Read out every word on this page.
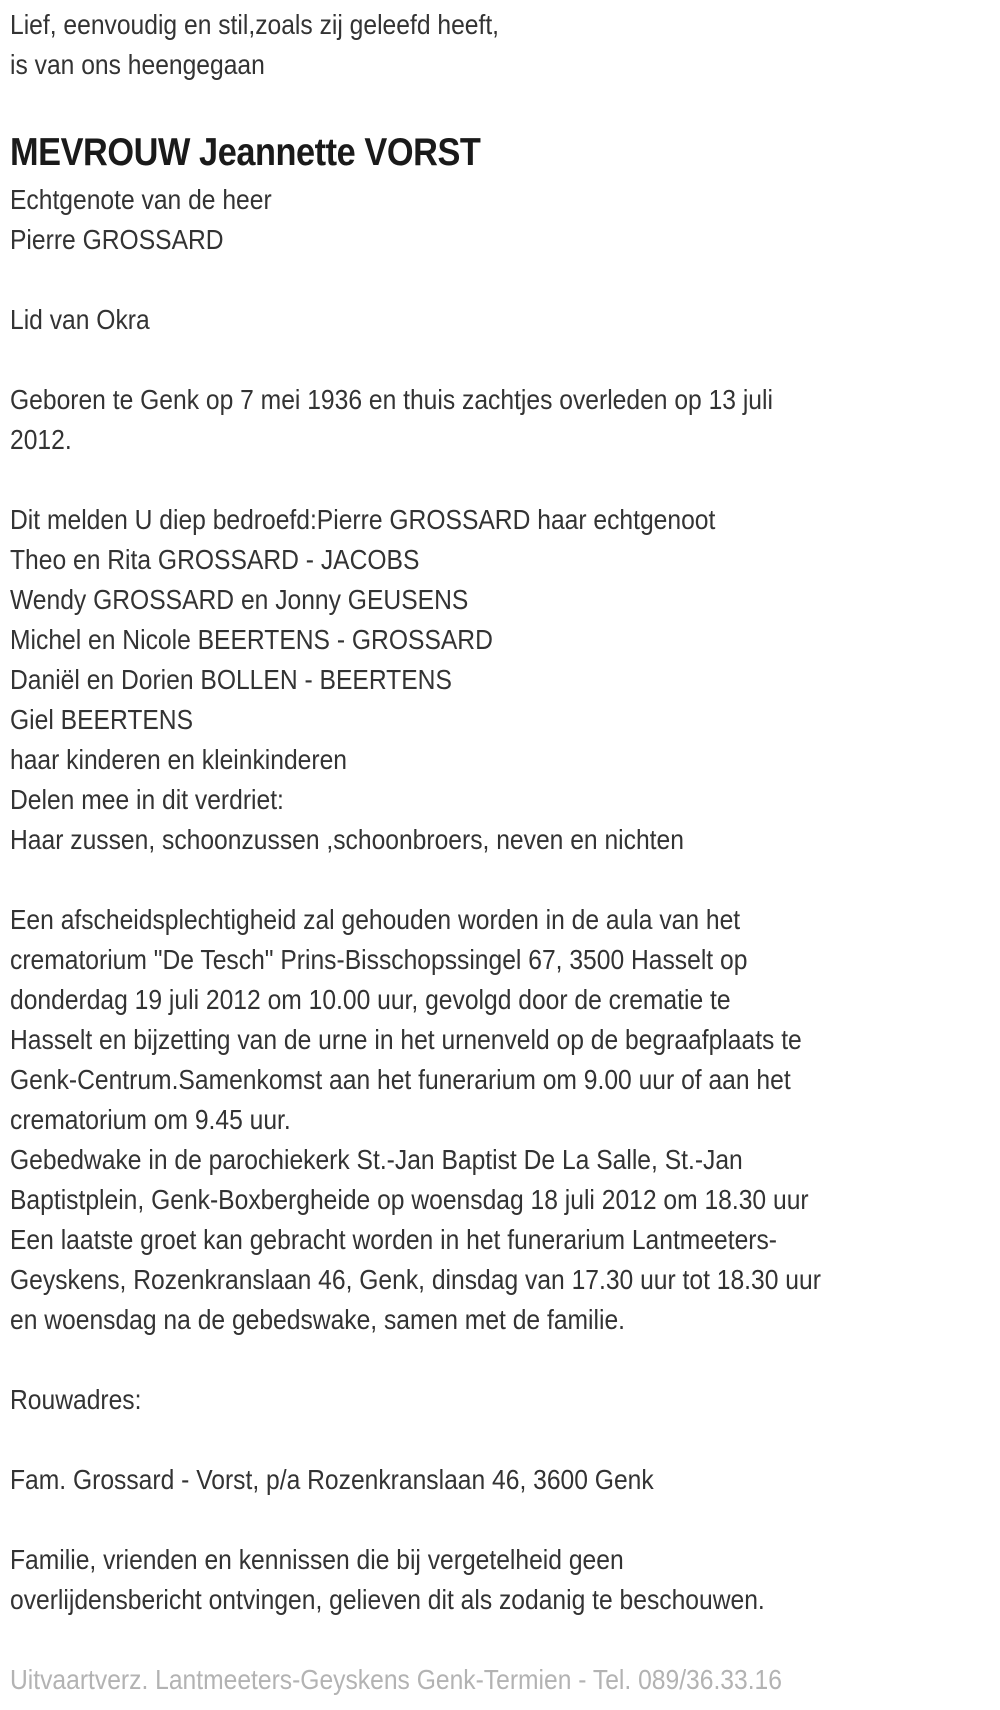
Lief, eenvoudig en stil,zoals zij geleefd heeft,
is van ons heengegaan
MEVROUW Jeannette VORST
Echtgenote van de heer
Pierre GROSSARD
Lid van Okra
Geboren te Genk op 7 mei 1936 en thuis zachtjes overleden op 13 juli
2012.
Dit melden U diep bedroefd:Pierre GROSSARD haar echtgenoot
Theo en Rita GROSSARD - JACOBS
Wendy GROSSARD en Jonny GEUSENS
Michel en Nicole BEERTENS - GROSSARD
Daniël en Dorien BOLLEN - BEERTENS
Giel BEERTENS
haar kinderen en kleinkinderen
Delen mee in dit verdriet:
Haar zussen, schoonzussen ,schoonbroers, neven en nichten
Een afscheidsplechtigheid zal gehouden worden in de aula van het
crematorium "De Tesch" Prins-Bisschopssingel 67, 3500 Hasselt op
donderdag 19 juli 2012 om 10.00 uur, gevolgd door de crematie te
Hasselt en bijzetting van de urne in het urnenveld op de begraafplaats te
Genk-Centrum.Samenkomst aan het funerarium om 9.00 uur of aan het
crematorium om 9.45 uur.
Gebedwake in de parochiekerk St.-Jan Baptist De La Salle, St.-Jan
Baptistplein, Genk-Boxbergheide op woensdag 18 juli 2012 om 18.30 uur
Een laatste groet kan gebracht worden in het funerarium Lantmeeters-
Geyskens, Rozenkranslaan 46, Genk, dinsdag van 17.30 uur tot 18.30 uur
en woensdag na de gebedswake, samen met de familie.
Rouwadres:
Fam. Grossard - Vorst, p/a Rozenkranslaan 46, 3600 Genk
Familie, vrienden en kennissen die bij vergetelheid geen
overlijdensbericht ontvingen, gelieven dit als zodanig te beschouwen.
Uitvaartverz. Lantmeeters-Geyskens Genk-Termien - Tel. 089/36.33.16
